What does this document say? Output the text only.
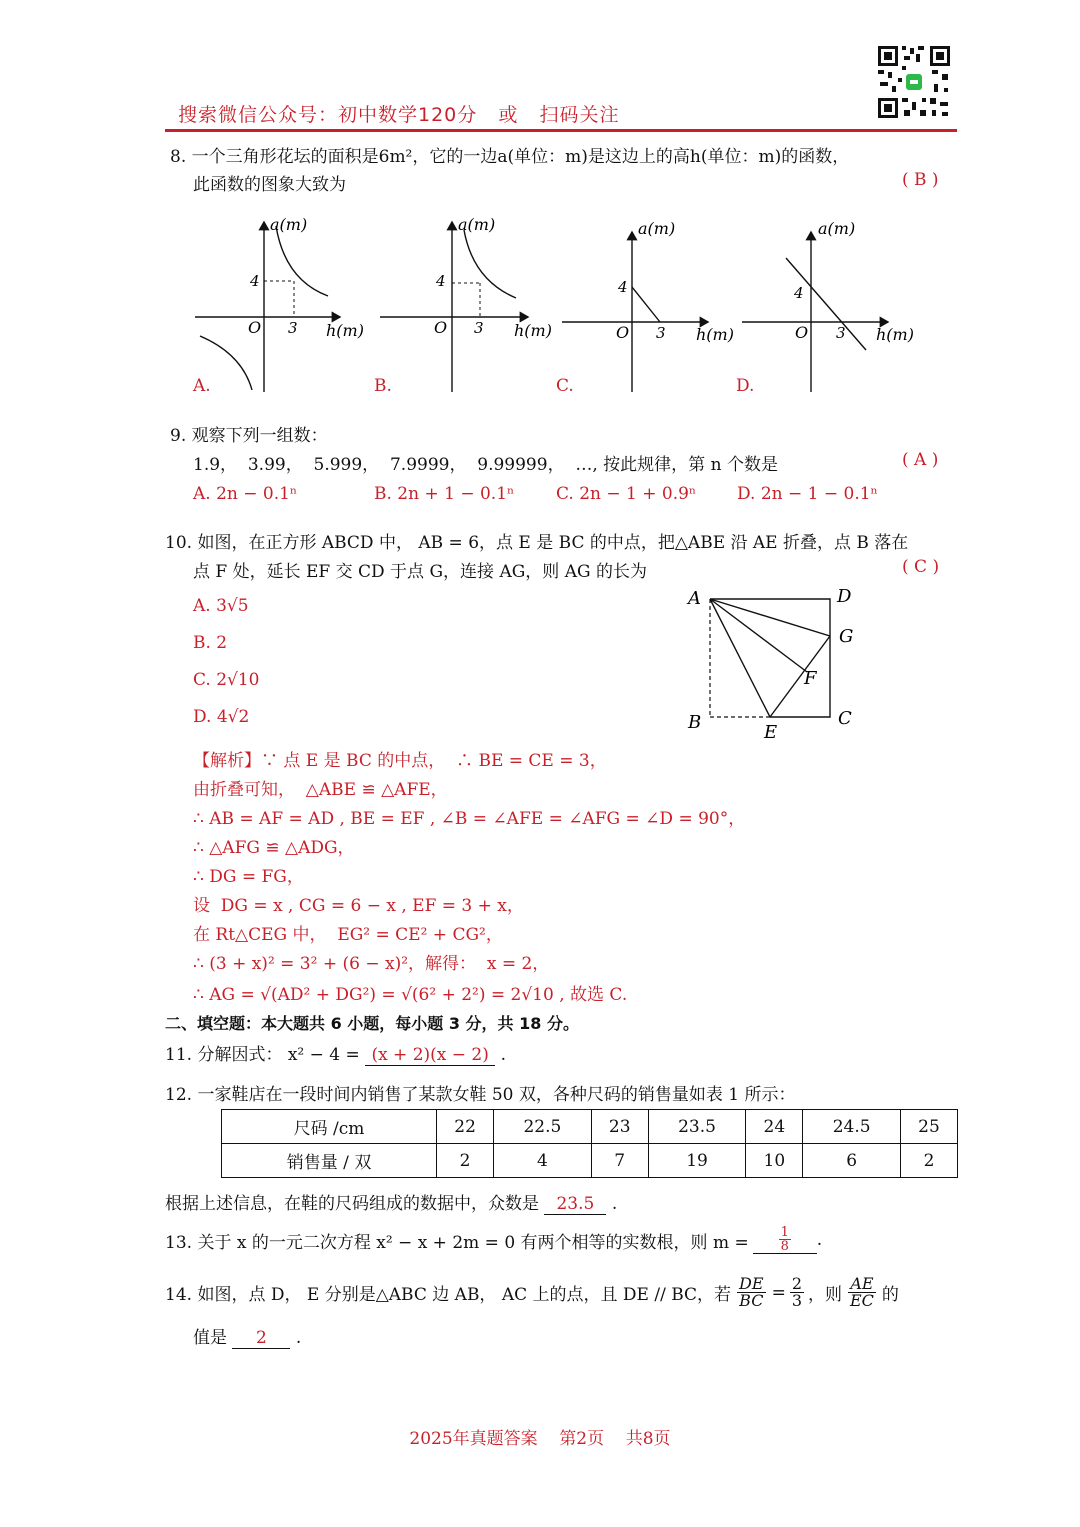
搜索微信公众号：初中数学120分   或   扫码关注
8. 一个三角形花坛的面积是6m²，它的一边a(单位：m)是这边上的高h(单位：m)的函数，
此函数的图象大致为	( B )
a(m)
h(m)
O
4
3
A.
a(m)
h(m)
O
4
3
B.
a(m)
h(m)
O
4
3
C.
a(m)
h(m)
O
4
3
D.
9. 观察下列一组数：
1.9，  3.99，  5.999，  7.9999，  9.99999，  …, 按此规律，第 n 个数是	( A )
A. 2n − 0.1ⁿ	B. 2n + 1 − 0.1ⁿ C. 2n − 1 + 0.9ⁿ D. 2n − 1 − 0.1ⁿ
10. 如图，在正方形 ABCD 中， AB = 6，点 E 是 BC 的中点，把△ABE 沿 AE 折叠，点 B 落在
点 F 处，延长 EF 交 CD 于点 G，连接 AG，则 AG 的长为	( C )
A. 3√5
B. 2
C. 2√10
D. 4√2
A	D
G
F
B	C
E
【解析】∵ 点 E 是 BC 的中点，  ∴ BE = CE = 3，
由折叠可知，  △ABE ≌ △AFE，
∴ AB = AF = AD , BE = EF , ∠B = ∠AFE = ∠AFG = ∠D = 90°，
∴ △AFG ≌ △ADG，
∴ DG = FG，
设  DG = x , CG = 6 − x , EF = 3 + x，
在 Rt△CEG 中，  EG² = CE² + CG²，
∴ (3 + x)² = 3² + (6 − x)²，解得：  x = 2，
∴ AG = √(AD² + DG²) = √(6² + 2²) = 2√10 , 故选 C.
二、填空题：本大题共 6 小题，每小题 3 分，共 18 分。
11. 分解因式： x² − 4 = (x + 2)(x − 2) .
12. 一家鞋店在一段时间内销售了某款女鞋 50 双，各种尺码的销售量如表 1 所示：
尺码 /cm	22	22.5	23	23.5	24	24.5	25
销售量 / 双	2	4	7	19	10	6	2
根据上述信息，在鞋的尺码组成的数据中，众数是 23.5 .
13. 关于 x 的一元二次方程 x² − x + 2m = 0 有两个相等的实数根，则 $m = \frac{1}{8}$ .
14. 如图，点 D， E 分别是△ABC 边 AB， AC 上的点，且 DE // BC，若 $\frac{DE}{BC} = \frac{2}{3}$ ，则 $\frac{AE}{EC}$ 的
值是 2 .
2025年真题答案    第2页    共8页
